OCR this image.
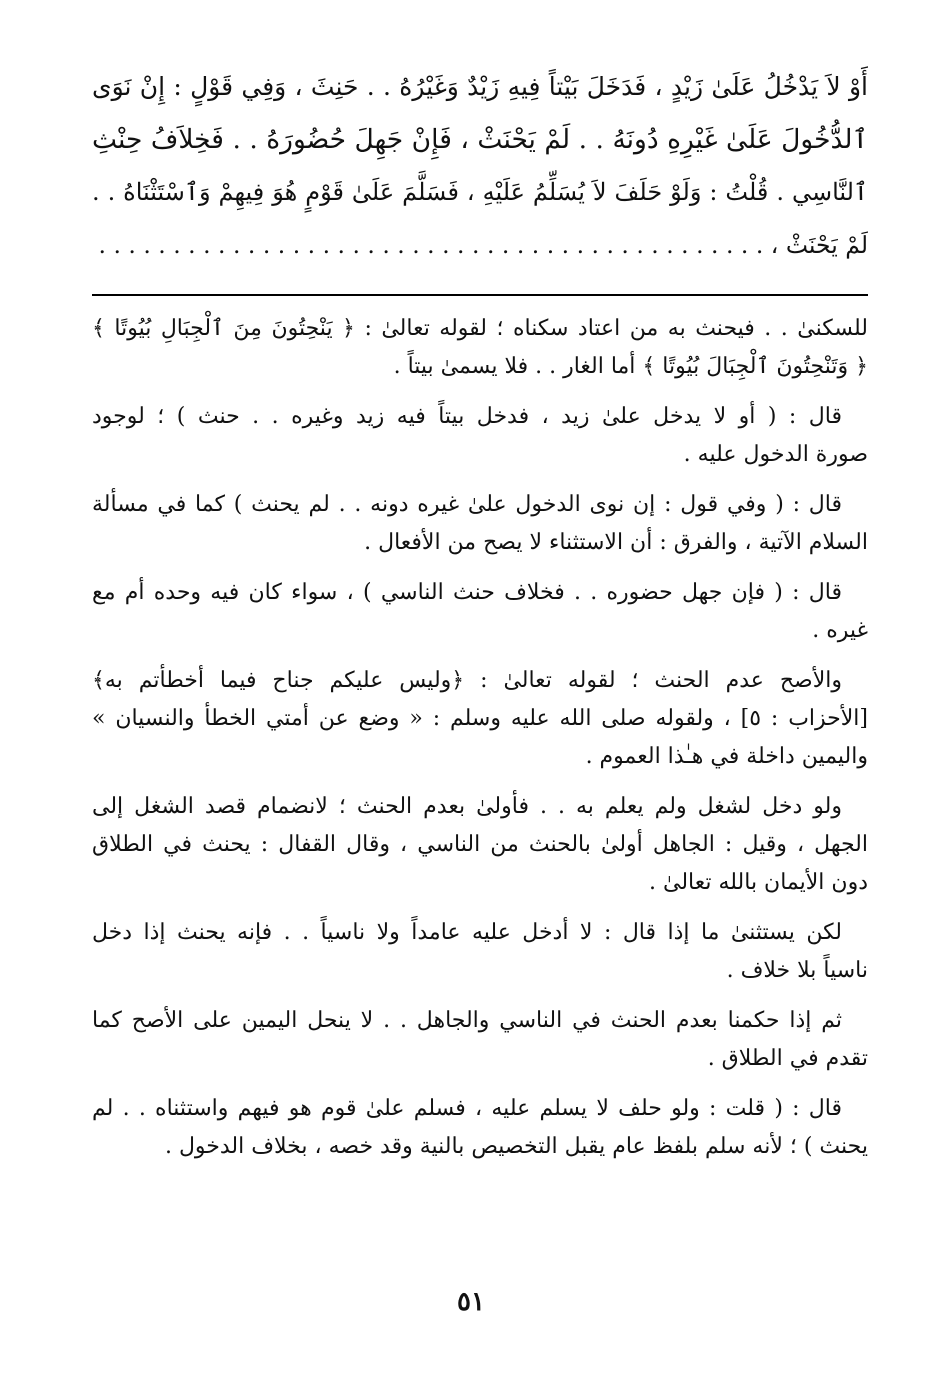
أَوْ لاَ يَدْخُلُ عَلَىٰ زَيْدٍ ، فَدَخَلَ بَيْتاً فِيهِ زَيْدٌ وَغَيْرُهُ . . حَنِثَ ، وَفِي قَوْلٍ : إِنْ نَوَى
ٱلدُّخُولَ عَلَىٰ غَيْرِهِ دُونَهُ . . لَمْ يَحْنَثْ ، فَإِنْ جَهِلَ حُضُورَهُ . . فَخِلاَفُ حِنْثِ
ٱلنَّاسِي . قُلْتُ : وَلَوْ حَلَفَ لاَ يُسَلِّمُ عَلَيْهِ ، فَسَلَّمَ عَلَىٰ قَوْمٍ هُوَ فِيهِمْ وَٱسْتَثْنَاهُ . .
لَمْ يَحْنَثْ ، . . . . . . . . . . . . . . . . . . . . . . . . . . . . . . . . . . . . . . . . . . . . .
للسكنىٰ . . فيحنث به من اعتاد سكناه ؛ لقوله تعالىٰ : ﴿ يَنْحِتُونَ مِنَ ٱلْجِبَالِ بُيُوتًا ﴾
﴿ وَتَنْحِتُونَ ٱلْجِبَالَ بُيُوتًا ﴾ أما الغار . . فلا يسمىٰ بيتاً .
قال : ( أو لا يدخل علىٰ زيد ، فدخل بيتاً فيه زيد وغيره . . حنث ) ؛ لوجود
صورة الدخول عليه .
قال : ( وفي قول : إن نوى الدخول علىٰ غيره دونه . . لم يحنث ) كما في مسألة
السلام الآتية ، والفرق : أن الاستثناء لا يصح من الأفعال .
قال : ( فإن جهل حضوره . . فخلاف حنث الناسي ) ، سواء كان فيه وحده أم مع
غيره .
والأصح عدم الحنث ؛ لقوله تعالىٰ : ﴿وليس عليكم جناح فيما أخطأتم به﴾
[الأحزاب : ٥] ، ولقوله صلى الله عليه وسلم : « وضع عن أمتي الخطأ والنسيان »
واليمين داخلة في هـٰذا العموم .
ولو دخل لشغل ولم يعلم به . . فأولىٰ بعدم الحنث ؛ لانضمام قصد الشغل إلى
الجهل ، وقيل : الجاهل أولىٰ بالحنث من الناسي ، وقال القفال : يحنث في الطلاق
دون الأيمان بالله تعالىٰ .
لكن يستثنىٰ ما إذا قال : لا أدخل عليه عامداً ولا ناسياً . . فإنه يحنث إذا دخل
ناسياً بلا خلاف .
ثم إذا حكمنا بعدم الحنث في الناسي والجاهل . . لا ينحل اليمين على الأصح كما
تقدم في الطلاق .
قال : ( قلت : ولو حلف لا يسلم عليه ، فسلم علىٰ قوم هو فيهم واستثناه . . لم
يحنث ) ؛ لأنه سلم بلفظ عام يقبل التخصيص بالنية وقد خصه ، بخلاف الدخول .
٥١
